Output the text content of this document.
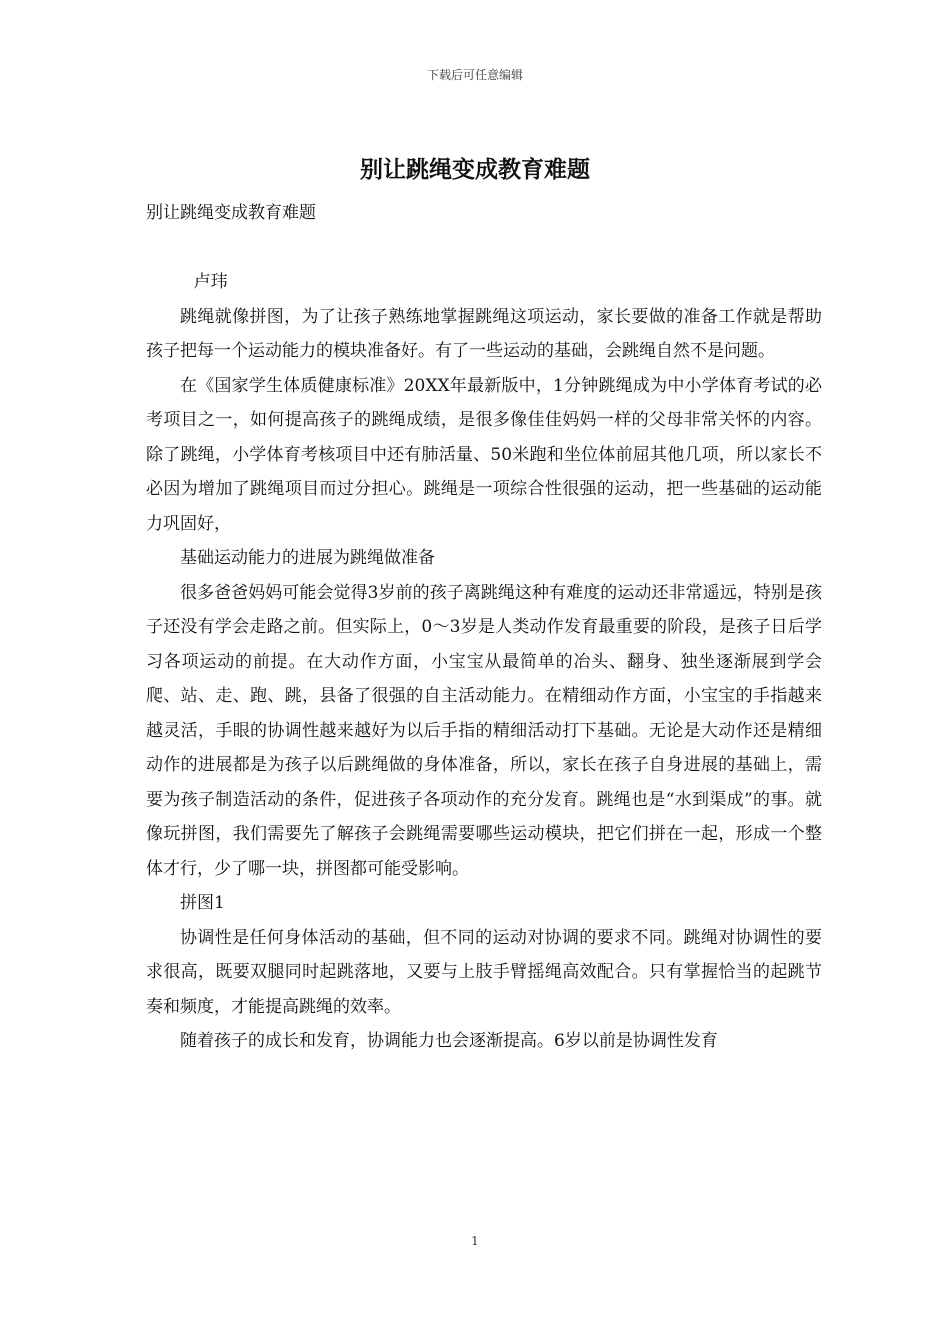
下载后可任意编辑
别让跳绳变成教育难题

别让跳绳变成教育难题

卢玮

跳绳就像拼图，为了让孩子熟练地掌握跳绳这项运动，家长要做的准备工作就是帮助孩子把每一个运动能力的模块准备好。有了一些运动的基础，会跳绳自然不是问题。

在《国家学生体质健康标准》20XX年最新版中，1分钟跳绳成为中小学体育考试的必考项目之一，如何提高孩子的跳绳成绩，是很多像佳佳妈妈一样的父母非常关怀的内容。除了跳绳，小学体育考核项目中还有肺活量、50米跑和坐位体前屈其他几项，所以家长不必因为增加了跳绳项目而过分担心。跳绳是一项综合性很强的运动，把一些基础的运动能力巩固好，

基础运动能力的进展为跳绳做准备

很多爸爸妈妈可能会觉得3岁前的孩子离跳绳这种有难度的运动还非常遥远，特别是孩子还没有学会走路之前。但实际上，0～3岁是人类动作发育最重要的阶段，是孩子日后学习各项运动的前提。在大动作方面，小宝宝从最简单的冶头、翻身、独坐逐渐展到学会爬、站、走、跑、跳，县备了很强的自主活动能力。在精细动作方面，小宝宝的手指越来越灵活，手眼的协调性越来越好为以后手指的精细活动打下基础。无论是大动作还是精细动作的进展都是为孩子以后跳绳做的身体准备，所以，家长在孩子自身进展的基础上，需要为孩子制造活动的条件，促进孩子各项动作的充分发育。跳绳也是“水到渠成”的事。就像玩拼图，我们需要先了解孩子会跳绳需要哪些运动模块，把它们拼在一起，形成一个整体才行，少了哪一块，拼图都可能受影响。

拼图1

协调性是任何身体活动的基础，但不同的运动对协调的要求不同。跳绳对协调性的要求很高，既要双腿同时起跳落地，又要与上肢手臂摇绳高效配合。只有掌握恰当的起跳节奏和频度，才能提高跳绳的效率。

随着孩子的成长和发育，协调能力也会逐渐提高。6岁以前是协调性发育

1
